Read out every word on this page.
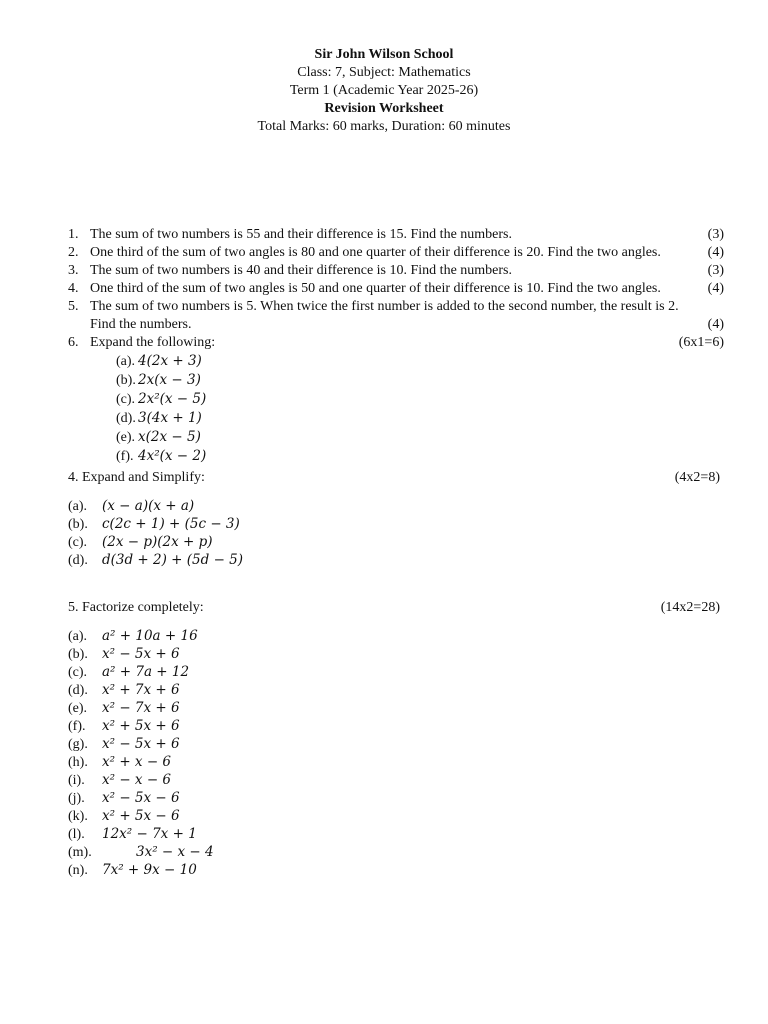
Sir John Wilson School
Class: 7, Subject: Mathematics
Term 1 (Academic Year 2025-26)
Revision Worksheet
Total Marks: 60 marks, Duration: 60 minutes
1. The sum of two numbers is 55 and their difference is 15. Find the numbers.	(3)
2. One third of the sum of two angles is 80 and one quarter of their difference is 20. Find the two angles.	(4)
3. The sum of two numbers is 40 and their difference is 10. Find the numbers.	(3)
4. One third of the sum of two angles is 50 and one quarter of their difference is 10. Find the two angles.	(4)
5. The sum of two numbers is 5. When twice the first number is added to the second number, the result is 2.
Find the numbers.	(4)
6. Expand the following:	(6x1=6)
(a). 4(2x + 3)
(b). 2x(x − 3)
(c). 2x²(x − 5)
(d). 3(4x + 1)
(e). x(2x − 5)
(f). 4x²(x − 2)
4. Expand and Simplify:	(4x2=8)
(a). (x − a)(x + a)
(b). c(2c + 1) + (5c − 3)
(c). (2x − p)(2x + p)
(d). d(3d + 2) + (5d − 5)
5. Factorize completely:	(14x2=28)
(a). a² + 10a + 16
(b). x² − 5x + 6
(c). a² + 7a + 12
(d). x² + 7x + 6
(e). x² − 7x + 6
(f). x² + 5x + 6
(g). x² − 5x + 6
(h). x² + x − 6
(i). x² − x − 6
(j). x² − 5x − 6
(k). x² + 5x − 6
(l). 12x² − 7x + 1
(m).	3x² − x − 4
(n). 7x² + 9x − 10
